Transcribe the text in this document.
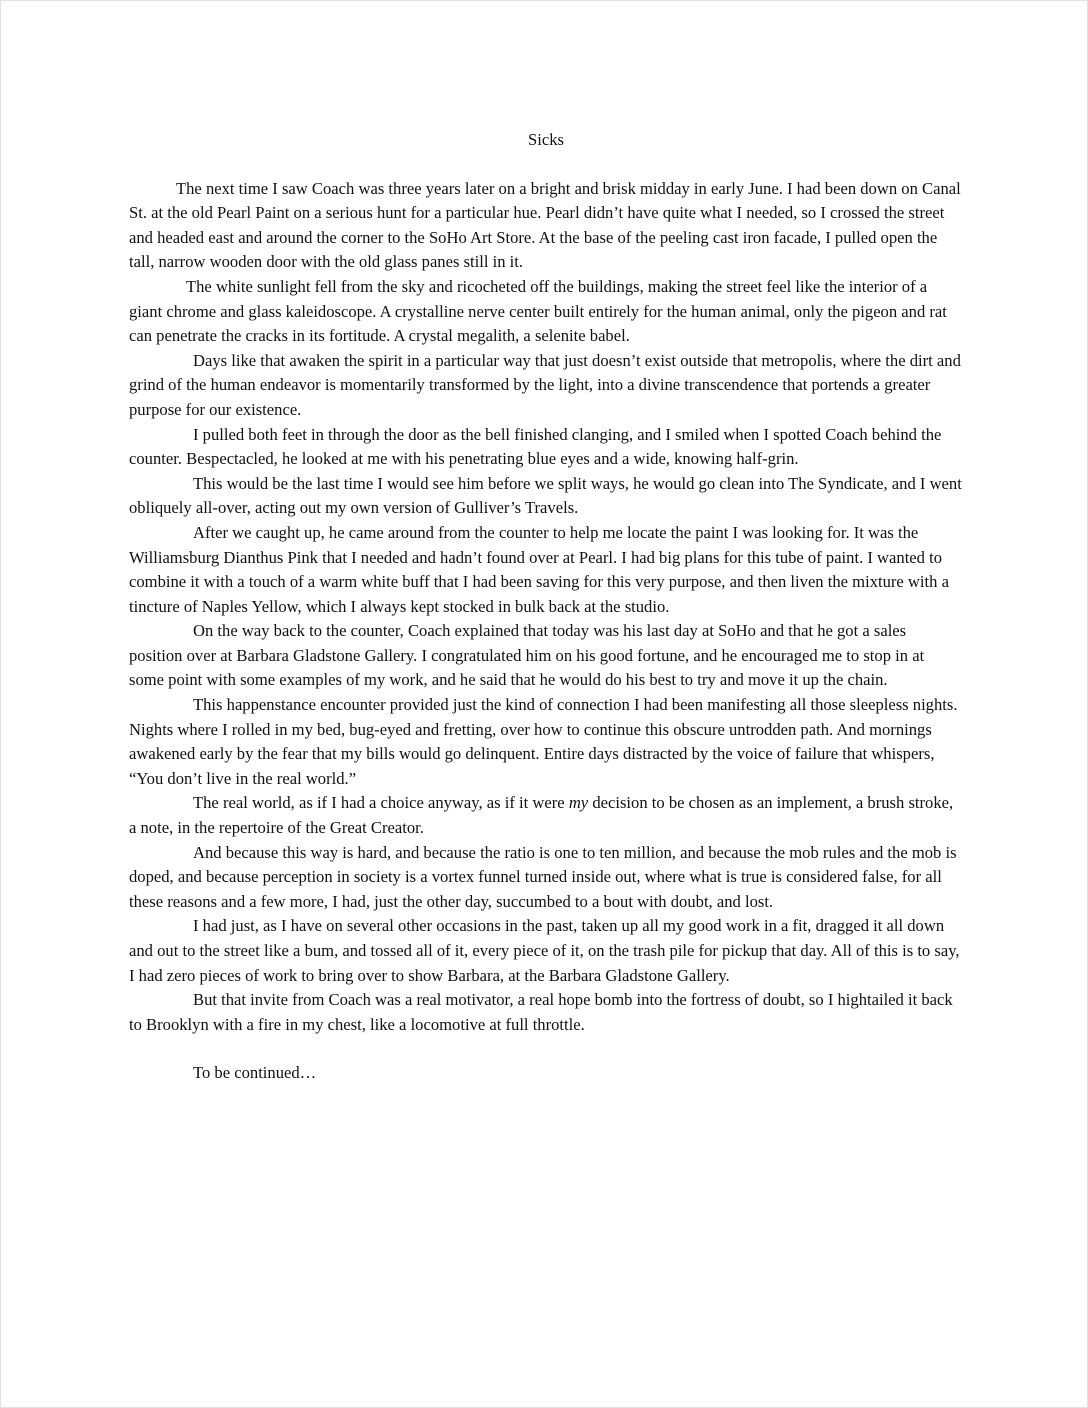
Sicks

The next time I saw Coach was three years later on a bright and brisk midday in early June. I had been down on Canal St. at the old Pearl Paint on a serious hunt for a particular hue. Pearl didn’t have quite what I needed, so I crossed the street and headed east and around the corner to the SoHo Art Store. At the base of the peeling cast iron facade, I pulled open the tall, narrow wooden door with the old glass panes still in it.

The white sunlight fell from the sky and ricocheted off the buildings, making the street feel like the interior of a giant chrome and glass kaleidoscope. A crystalline nerve center built entirely for the human animal, only the pigeon and rat can penetrate the cracks in its fortitude. A crystal megalith, a selenite babel.

Days like that awaken the spirit in a particular way that just doesn’t exist outside that metropolis, where the dirt and grind of the human endeavor is momentarily transformed by the light, into a divine transcendence that portends a greater purpose for our existence.

I pulled both feet in through the door as the bell finished clanging, and I smiled when I spotted Coach behind the counter. Bespectacled, he looked at me with his penetrating blue eyes and a wide, knowing half-grin.

This would be the last time I would see him before we split ways, he would go clean into The Syndicate, and I went obliquely all-over, acting out my own version of Gulliver’s Travels.

After we caught up, he came around from the counter to help me locate the paint I was looking for. It was the Williamsburg Dianthus Pink that I needed and hadn’t found over at Pearl. I had big plans for this tube of paint. I wanted to combine it with a touch of a warm white buff that I had been saving for this very purpose, and then liven the mixture with a tincture of Naples Yellow, which I always kept stocked in bulk back at the studio.

On the way back to the counter, Coach explained that today was his last day at SoHo and that he got a sales position over at Barbara Gladstone Gallery. I congratulated him on his good fortune, and he encouraged me to stop in at some point with some examples of my work, and he said that he would do his best to try and move it up the chain.

This happenstance encounter provided just the kind of connection I had been manifesting all those sleepless nights. Nights where I rolled in my bed, bug-eyed and fretting, over how to continue this obscure untrodden path. And mornings awakened early by the fear that my bills would go delinquent. Entire days distracted by the voice of failure that whispers, “You don’t live in the real world.”

The real world, as if I had a choice anyway, as if it were my decision to be chosen as an implement, a brush stroke, a note, in the repertoire of the Great Creator.

And because this way is hard, and because the ratio is one to ten million, and because the mob rules and the mob is doped, and because perception in society is a vortex funnel turned inside out, where what is true is considered false, for all these reasons and a few more, I had, just the other day, succumbed to a bout with doubt, and lost.

I had just, as I have on several other occasions in the past, taken up all my good work in a fit, dragged it all down and out to the street like a bum, and tossed all of it, every piece of it, on the trash pile for pickup that day. All of this is to say, I had zero pieces of work to bring over to show Barbara, at the Barbara Gladstone Gallery.

But that invite from Coach was a real motivator, a real hope bomb into the fortress of doubt, so I hightailed it back to Brooklyn with a fire in my chest, like a locomotive at full throttle.

To be continued…
